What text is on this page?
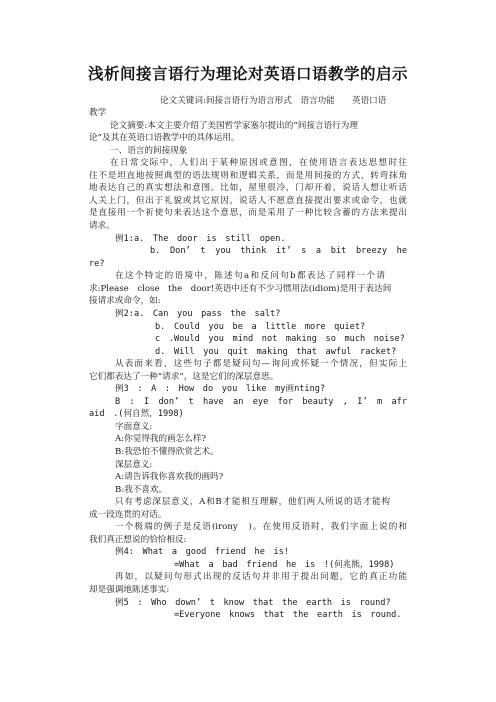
浅析间接言语行为理论对英语口语教学的启示
论文关键词:间接言语行为语言形式　语言功能　　英语口语
教学
论文摘要:本文主要介绍了美国哲学家塞尔提出的“间接言语行为理
论”及其在英语口语教学中的具体运用。
一、语言的间接现象
在日常交际中，人们出于某种原因或意图，在使用语言表达思想时往
往不是坦直地按照典型的语法规则和逻辑关系，而是用间接的方式，转弯抹角
地表达自己的真实想法和意图。比如，屋里很冷，门却开着，说话人想让听话
人关上门，但出于礼貌或其它原因，说话人不愿意直接提出要求或命令，也就
是直接用一个祈使句来表达这个意思，而是采用了一种比较含蓄的方法来提出
请求。
例1:a.　The　door　is　still　open.
b.　Don’　t　you　think　it’　s　a　bit　breezy　he
re?
在这个特定的语境中，陈述句a和反问句b都表达了同样一个请
求:Please　close　the　door!英语中还有不少习惯用法(idiom)是用于表达间
接请求或命令，如:
例2:a.　Can　you　pass　the　salt?
b.　Could　you　be　a　little　more　quiet?
c　.Would　you　mind　not　making　so　much　noise?
d.　Will　you　quit　making　that　awful　racket?
从表面来看，这些句子都是疑问句—询问或怀疑一个情况，但实际上
它们都表达了一种“请求”，这是它们的深层意思。
例3　:　A　:　How　do　you　like　my画nting?
B　:　I　don’　t　have　an　eye　for　beauty　,　I’　m　afr
aid　.(何自然，1998)
字面意义:
A:你觉得我的画怎么样?
B:我恐怕不懂得欣赏艺术。
深层意义:
A:请告诉我你喜欢我的画吗?
B:我不喜欢。
只有考虑深层意义，A和B才能相互理解，他们两人所说的话才能构
成一段连贯的对话。
一个极端的例子是反语(irony　)。在使用反语时，我们字面上说的和
我们真正想说的恰恰相反:
例4:　What　a　good　friend　he　is!
=What　a　bad　friend　he　is　!(何兆熊，1998)
再如，以疑问句形式出现的反话句并非用于提出问题，它的真正功能
却是强调地陈述事实:
例5　:　Who　down’　t　know　that　the　earth　is　round?
=Everyone　knows　that　the　earth　is　round.
